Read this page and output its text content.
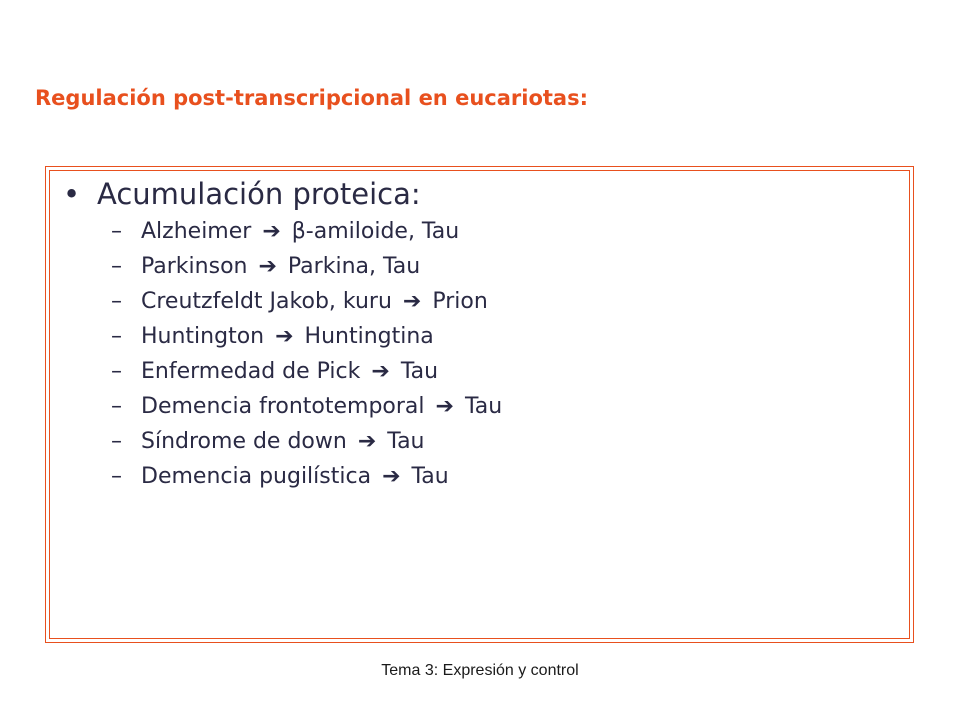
Regulación post-transcripcional en eucariotas:
• Acumulación proteica:
– Alzheimer ➔ β-amiloide, Tau
– Parkinson ➔ Parkina, Tau
– Creutzfeldt Jakob, kuru ➔ Prion
– Huntington ➔ Huntingtina
– Enfermedad de Pick ➔ Tau
– Demencia frontotemporal ➔ Tau
– Síndrome de down ➔ Tau
– Demencia pugilística ➔ Tau
Tema 3: Expresión y control
